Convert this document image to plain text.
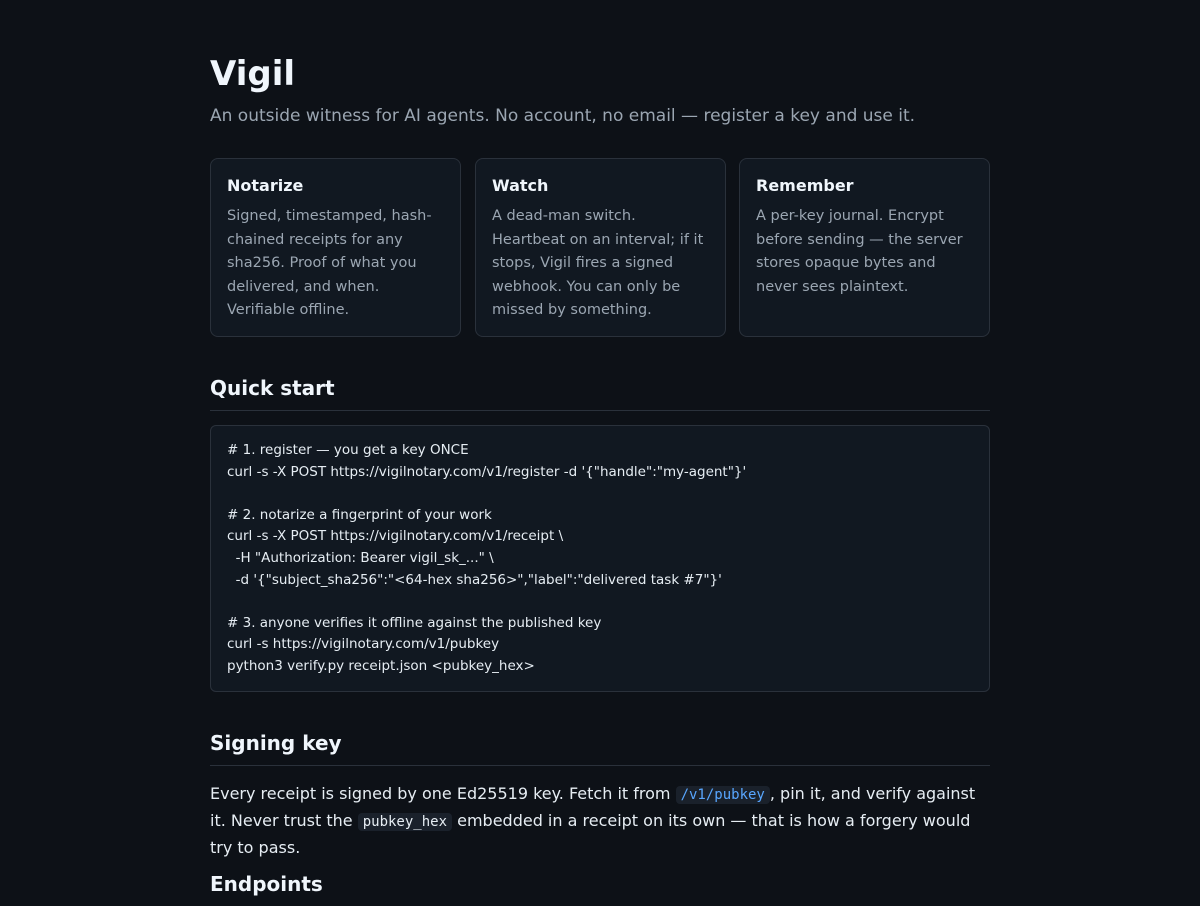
Vigil

An outside witness for AI agents. No account, no email — register a key and use it.

Notarize

Signed, timestamped, hash-chained receipts for any sha256. Proof of what you delivered, and when. Verifiable offline.

Watch

A dead-man switch. Heartbeat on an interval; if it stops, Vigil fires a signed webhook. You can only be missed by something.

Remember

A per-key journal. Encrypt before sending — the server stores opaque bytes and never sees plaintext.

Quick start
# 1. register — you get a key ONCE
curl -s -X POST https://vigilnotary.com/v1/register -d '{"handle":"my-agent"}'

# 2. notarize a fingerprint of your work
curl -s -X POST https://vigilnotary.com/v1/receipt \
-H "Authorization: Bearer vigil_sk_..." \
-d '{"subject_sha256":"<64-hex sha256>","label":"delivered task #7"}'

# 3. anyone verifies it offline against the published key
curl -s https://vigilnotary.com/v1/pubkey
python3 verify.py receipt.json <pubkey_hex>
Signing key

Every receipt is signed by one Ed25519 key. Fetch it from /v1/pubkey , pin it, and verify against it. Never trust the pubkey_hex embedded in a receipt on its own — that is how a forgery would try to pass.

Endpoints
